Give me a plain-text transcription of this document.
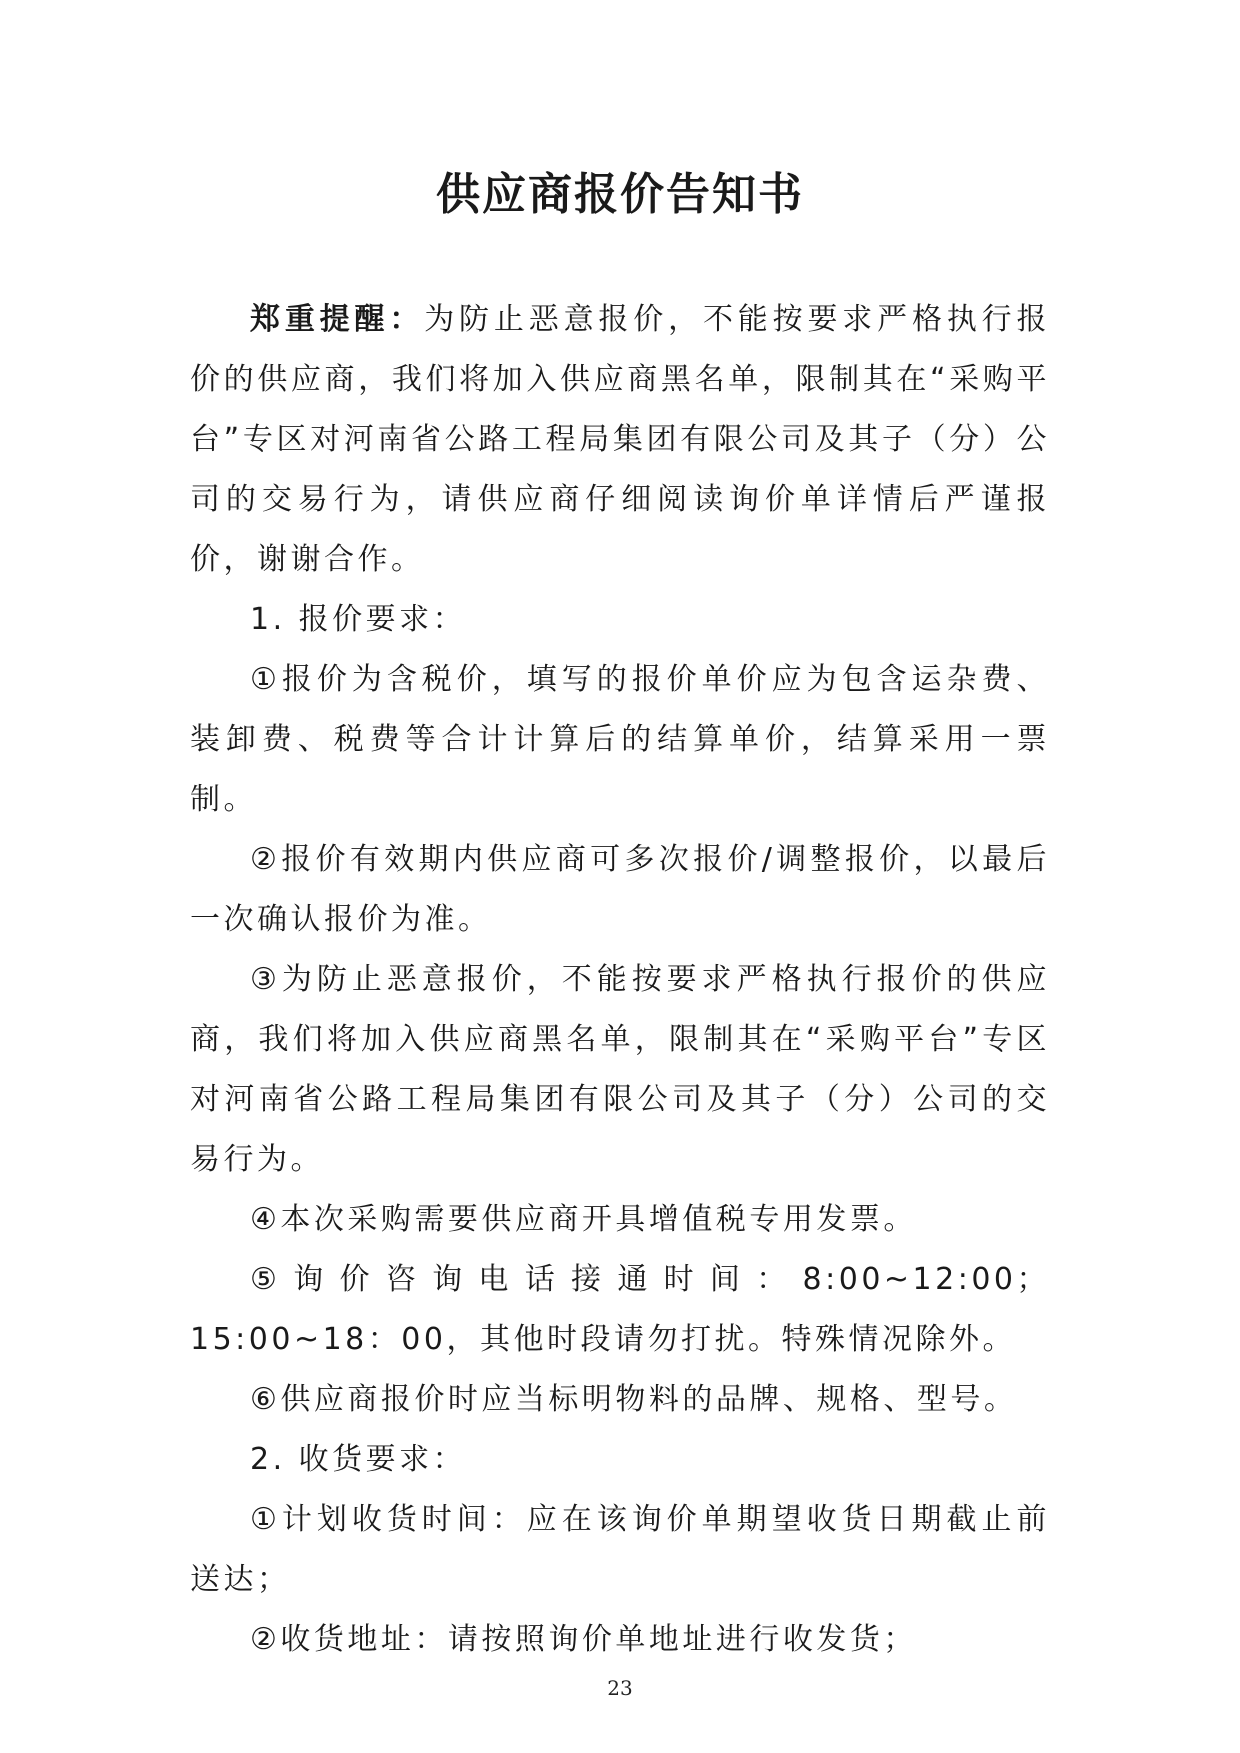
供应商报价告知书

郑重提醒：为防止恶意报价，不能按要求严格执行报价的供应商，我们将加入供应商黑名单，限制其在“采购平台”专区对河南省公路工程局集团有限公司及其子（分）公司的交易行为，请供应商仔细阅读询价单详情后严谨报价，谢谢合作。

1. 报价要求：

①报价为含税价，填写的报价单价应为包含运杂费、装卸费、税费等合计计算后的结算单价，结算采用一票制。

②报价有效期内供应商可多次报价/调整报价，以最后一次确认报价为准。

③为防止恶意报价，不能按要求严格执行报价的供应商，我们将加入供应商黑名单，限制其在“采购平台”专区对河南省公路工程局集团有限公司及其子（分）公司的交易行为。

④本次采购需要供应商开具增值税专用发票。

⑤询价咨询电话接通时间：8:00~12:00；15:00~18：00，其他时段请勿打扰。特殊情况除外。

⑥供应商报价时应当标明物料的品牌、规格、型号。

2. 收货要求：

①计划收货时间：应在该询价单期望收货日期截止前送达；

②收货地址：请按照询价单地址进行收发货；

23
